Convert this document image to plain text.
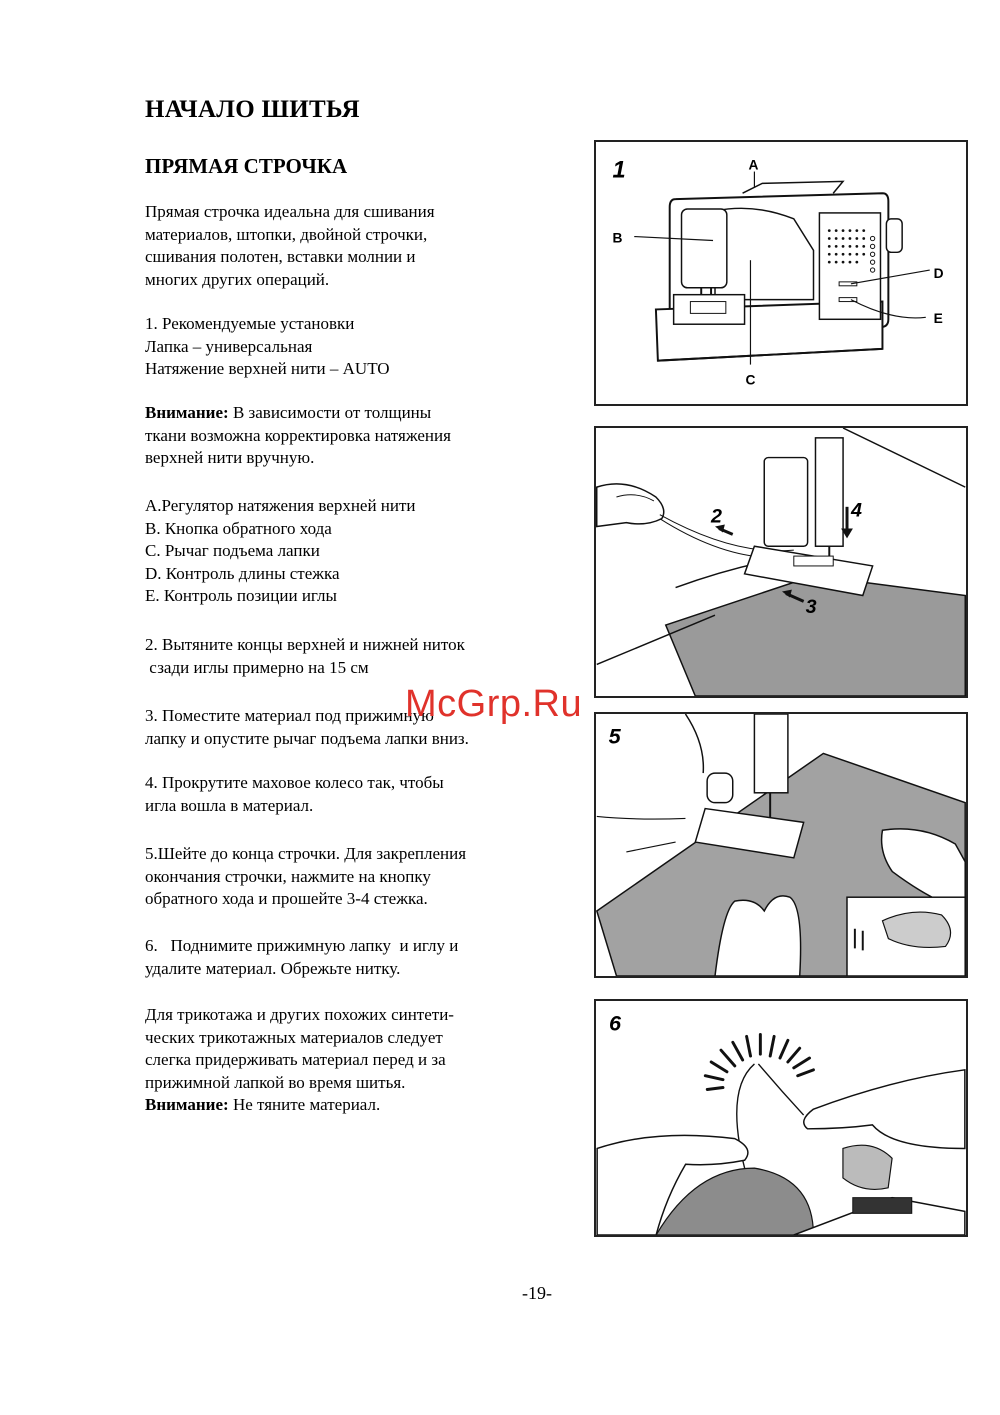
НАЧАЛО ШИТЬЯ
ПРЯМАЯ СТРОЧКА
Прямая строчка идеальна для сшивания
материалов, штопки, двойной строчки,
сшивания полотен, вставки молнии и
многих других операций.
1. Рекомендуемые установки
Лапка – универсальная
Натяжение верхней нити – AUTO
Внимание: В зависимости от толщины
ткани возможна корректировка натяжения
верхней нити вручную.
A.Регулятор натяжения верхней нити
B. Кнопка обратного хода
C. Рычаг подъема лапки
D. Контроль длины стежка
E. Контроль позиции иглы
2. Вытяните концы верхней и нижней ниток
сзади иглы примерно на 15 см
3. Поместите материал под прижимную
лапку и опустите рычаг подъема лапки вниз.
4. Прокрутите маховое колесо так, чтобы
игла вошла в материал.
5.Шейте до конца строчки. Для закрепления
окончания строчки, нажмите на кнопку
обратного хода и прошейте 3-4 стежка.
6.   Поднимите прижимную лапку  и иглу и
удалите материал. Обрежьте нитку.
Для трикотажа и других похожих синтети-
ческих трикотажных материалов следует
слегка придерживать материал перед и за
прижимной лапкой во время шитья.
Внимание: Не тяните материал.
1	A
B
C
D
E
2
3
4
5
6

McGrp.Ru

-19-
